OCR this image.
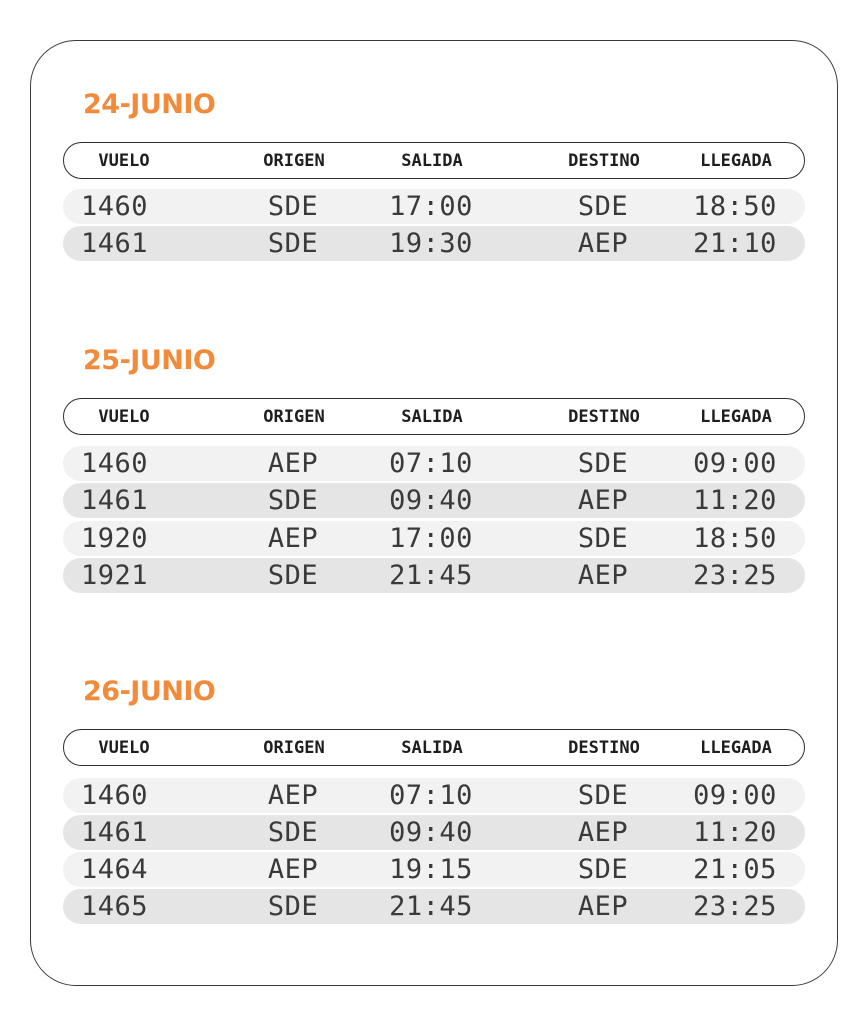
24-JUNIO
VUELO	ORIGEN	SALIDA	DESTINO	LLEGADA
1460	SDE	17:00	SDE	18:50
1461	SDE	19:30	AEP	21:10
25-JUNIO
VUELO	ORIGEN	SALIDA	DESTINO	LLEGADA
1460	AEP	07:10	SDE	09:00
1461	SDE	09:40	AEP	11:20
1920	AEP	17:00	SDE	18:50
1921	SDE	21:45	AEP	23:25
26-JUNIO
VUELO	ORIGEN	SALIDA	DESTINO	LLEGADA
1460	AEP	07:10	SDE	09:00
1461	SDE	09:40	AEP	11:20
1464	AEP	19:15	SDE	21:05
1465	SDE	21:45	AEP	23:25
